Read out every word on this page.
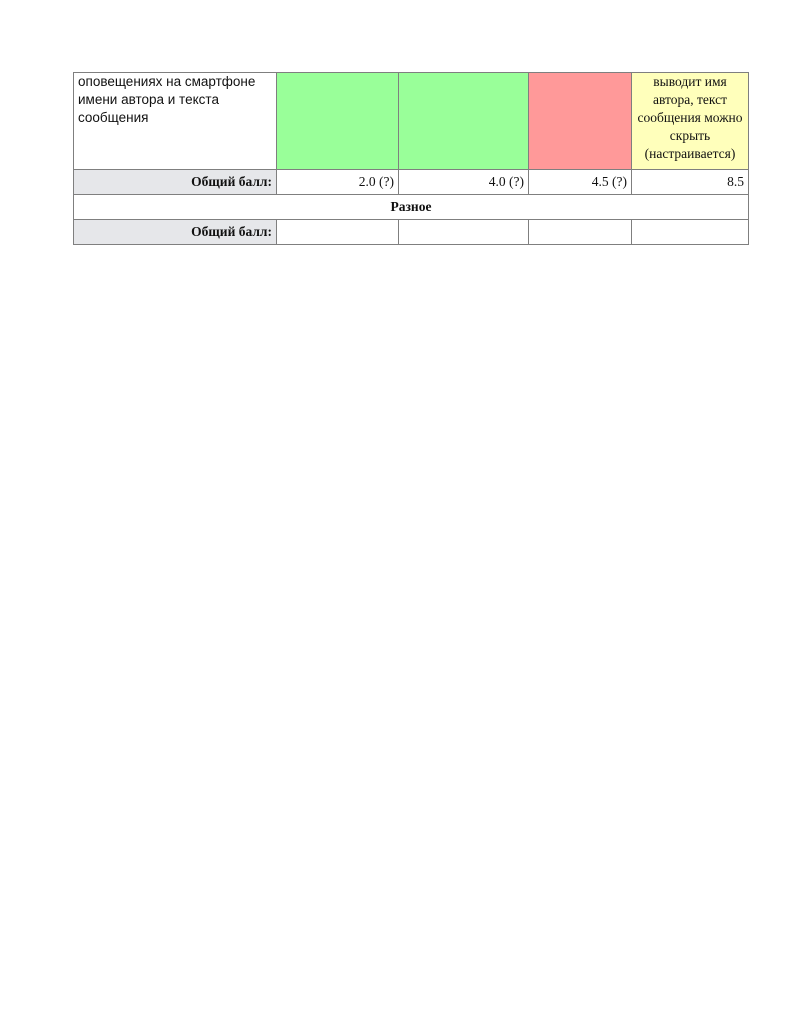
оповещениях на смартфоне имени автора и текста сообщения				выводит имя автора, текст сообщения можно скрыть (настраивается)
Общий балл:	2.0 (?)	4.0 (?)	4.5 (?)	8.5
Разное				
Общий балл:				
